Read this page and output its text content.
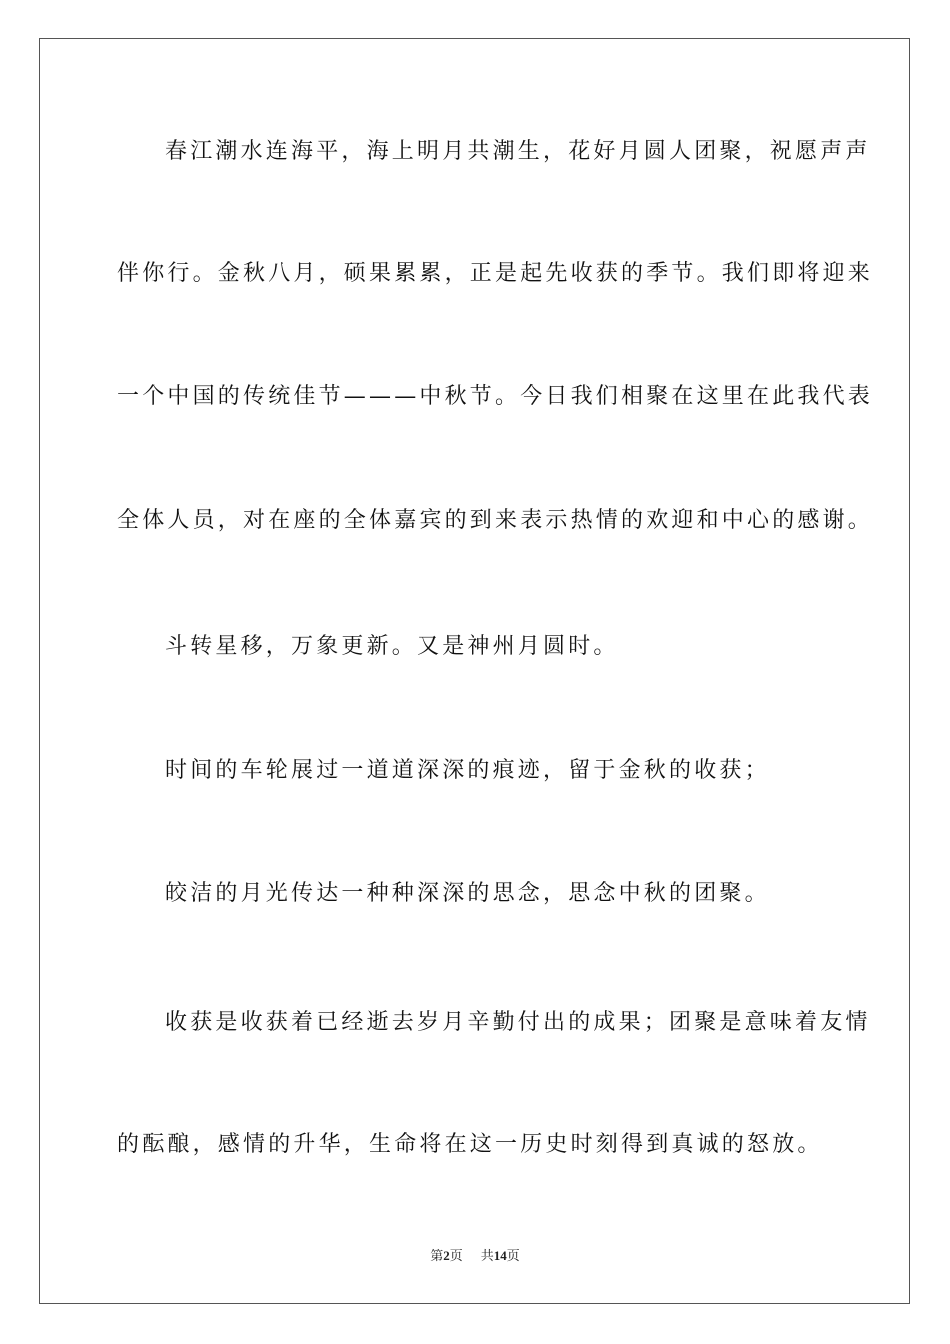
春江潮水连海平，海上明月共潮生，花好月圆人团聚，祝愿声声
伴你行。金秋八月，硕果累累，正是起先收获的季节。我们即将迎来
一个中国的传统佳节———中秋节。今日我们相聚在这里在此我代表
全体人员，对在座的全体嘉宾的到来表示热情的欢迎和中心的感谢。
斗转星移，万象更新。又是神州月圆时。
时间的车轮展过一道道深深的痕迹，留于金秋的收获；
皎洁的月光传达一种种深深的思念，思念中秋的团聚。
收获是收获着已经逝去岁月辛勤付出的成果；团聚是意味着友情
的酝酿，感情的升华，生命将在这一历史时刻得到真诚的怒放。
第2页 共14页
